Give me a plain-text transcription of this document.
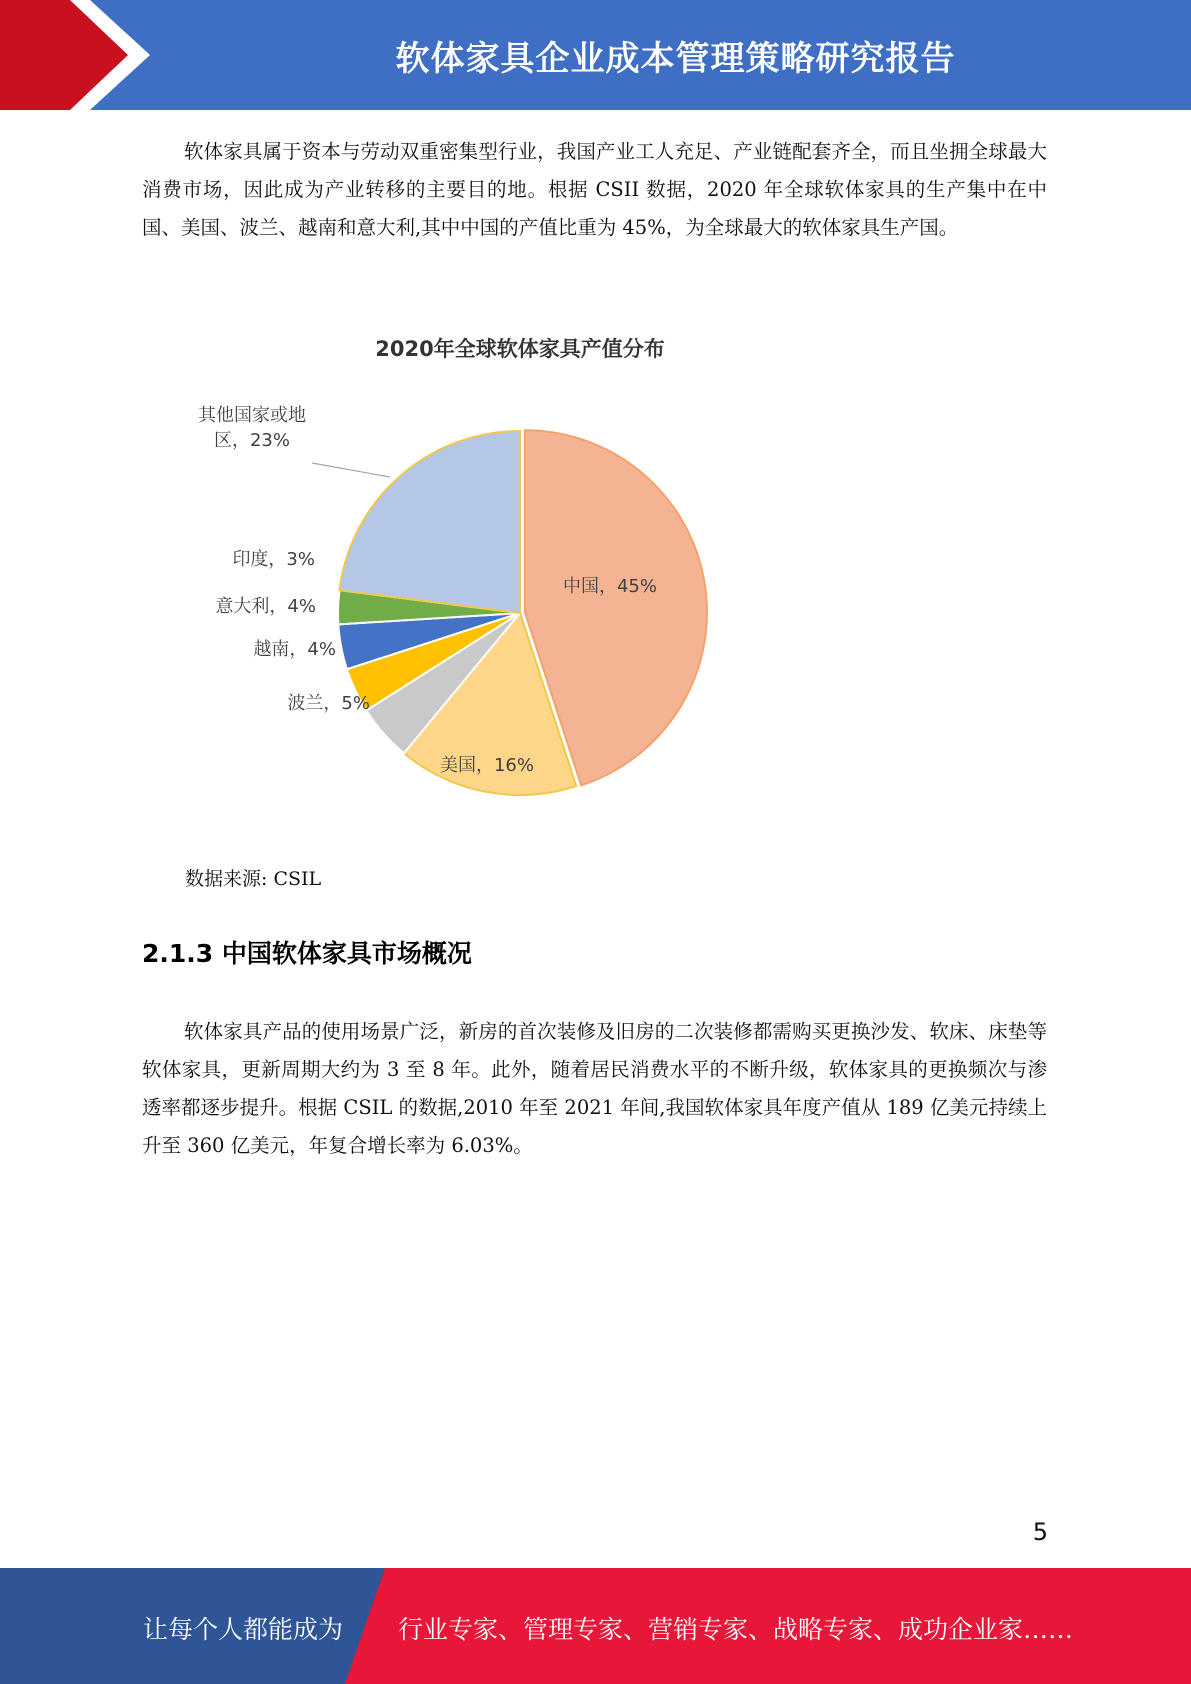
软体家具企业成本管理策略研究报告

软体家具属于资本与劳动双重密集型行业，我国产业工人充足、产业链配套齐全，而且坐拥全球最大消费市场，因此成为产业转移的主要目的地。根据 CSII 数据，2020 年全球软体家具的生产集中在中国、美国、波兰、越南和意大利,其中中国的产值比重为 45%，为全球最大的软体家具生产国。

2020年全球软体家具产值分布
中国，45%
美国，16%
波兰，5%
越南，4%
意大利，4%
印度，3%
其他国家或地区，23%
数据来源: CSIL
2.1.3 中国软体家具市场概况

软体家具产品的使用场景广泛，新房的首次装修及旧房的二次装修都需购买更换沙发、软床、床垫等软体家具，更新周期大约为 3 至 8 年。此外，随着居民消费水平的不断升级，软体家具的更换频次与渗透率都逐步提升。根据 CSIL 的数据,2010 年至 2021 年间,我国软体家具年度产值从 189 亿美元持续上升至 360 亿美元，年复合增长率为 6.03%。

5
让每个人都能成为 行业专家、管理专家、营销专家、战略专家、成功企业家……
